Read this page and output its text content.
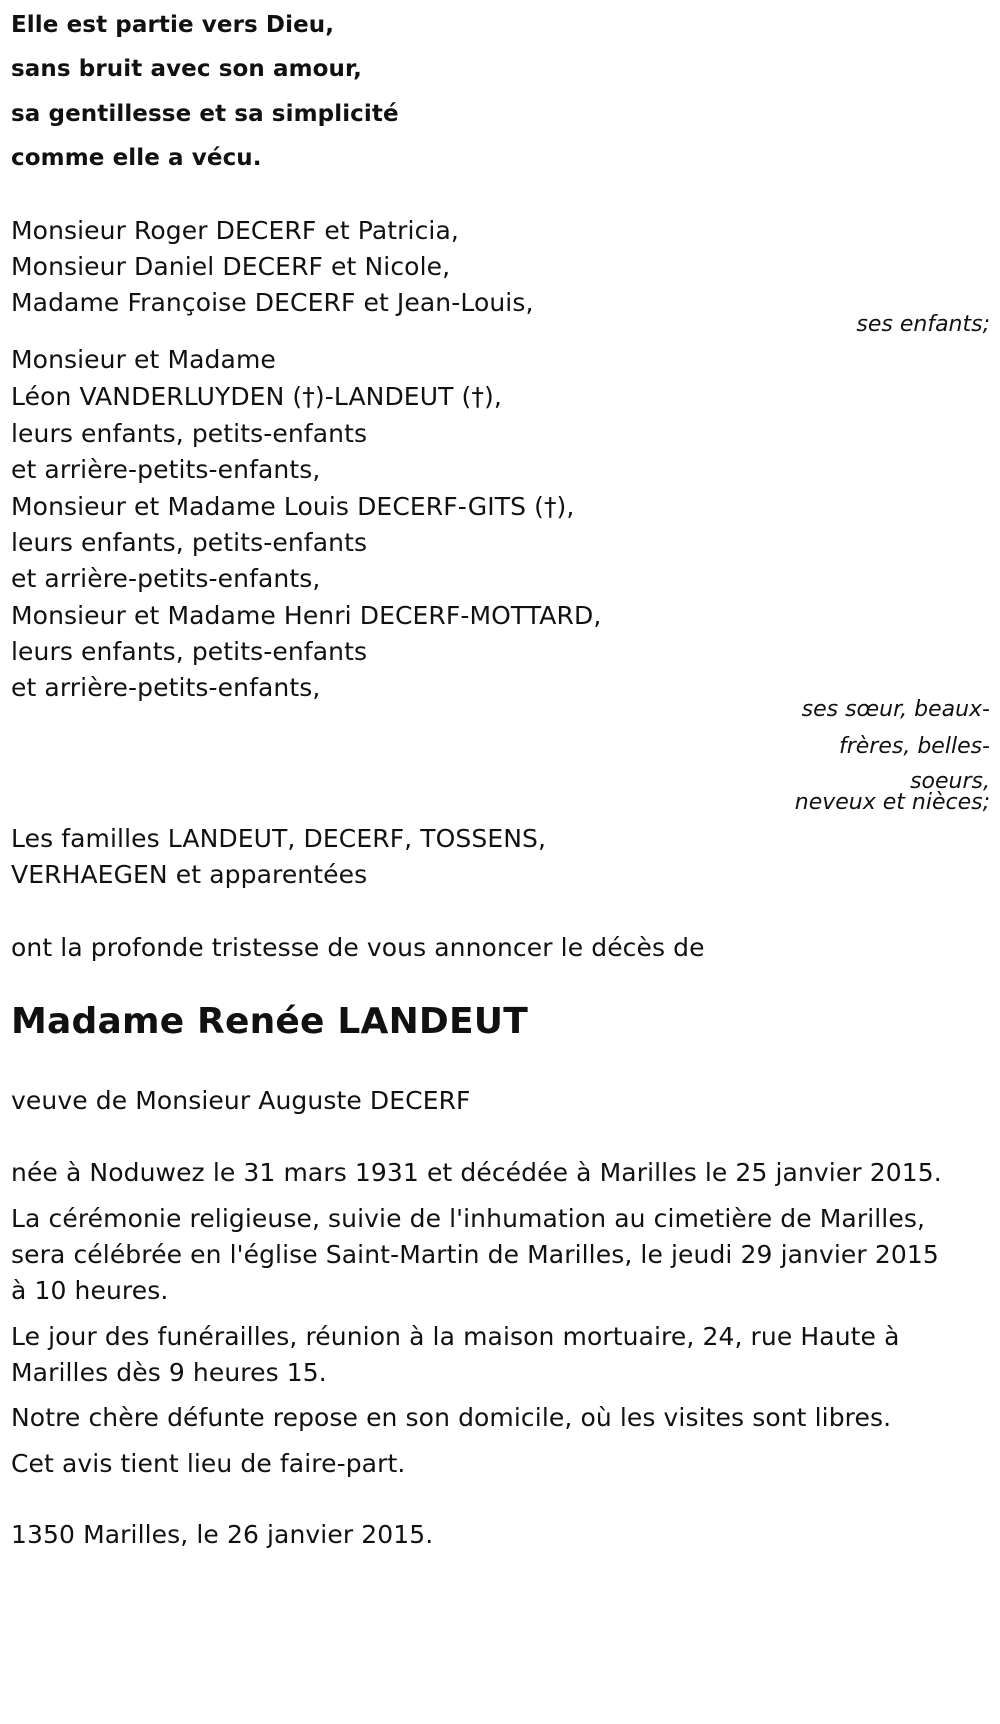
Elle est partie vers Dieu,
sans bruit avec son amour,
sa gentillesse et sa simplicité
comme elle a vécu.
Monsieur Roger DECERF et Patricia,
Monsieur Daniel DECERF et Nicole,
Madame Françoise DECERF et Jean-Louis,
ses enfants;
Monsieur et Madame
Léon VANDERLUYDEN (†)-LANDEUT (†),
leurs enfants, petits-enfants
et arrière-petits-enfants,
Monsieur et Madame Louis DECERF-GITS (†),
leurs enfants, petits-enfants
et arrière-petits-enfants,
Monsieur et Madame Henri DECERF-MOTTARD,
leurs enfants, petits-enfants
et arrière-petits-enfants,
ses sœur, beaux-
frères, belles-
soeurs,
neveux et nièces;
Les familles LANDEUT, DECERF, TOSSENS,
VERHAEGEN et apparentées
ont la profonde tristesse de vous annoncer le décès de
Madame Renée LANDEUT
veuve de Monsieur Auguste DECERF
née à Noduwez le 31 mars 1931 et décédée à Marilles le 25 janvier 2015.
La cérémonie religieuse, suivie de l'inhumation au cimetière de Marilles,
sera célébrée en l'église Saint-Martin de Marilles, le jeudi 29 janvier 2015
à 10 heures.
Le jour des funérailles, réunion à la maison mortuaire, 24, rue Haute à
Marilles dès 9 heures 15.
Notre chère défunte repose en son domicile, où les visites sont libres.
Cet avis tient lieu de faire-part.
1350 Marilles, le 26 janvier 2015.
